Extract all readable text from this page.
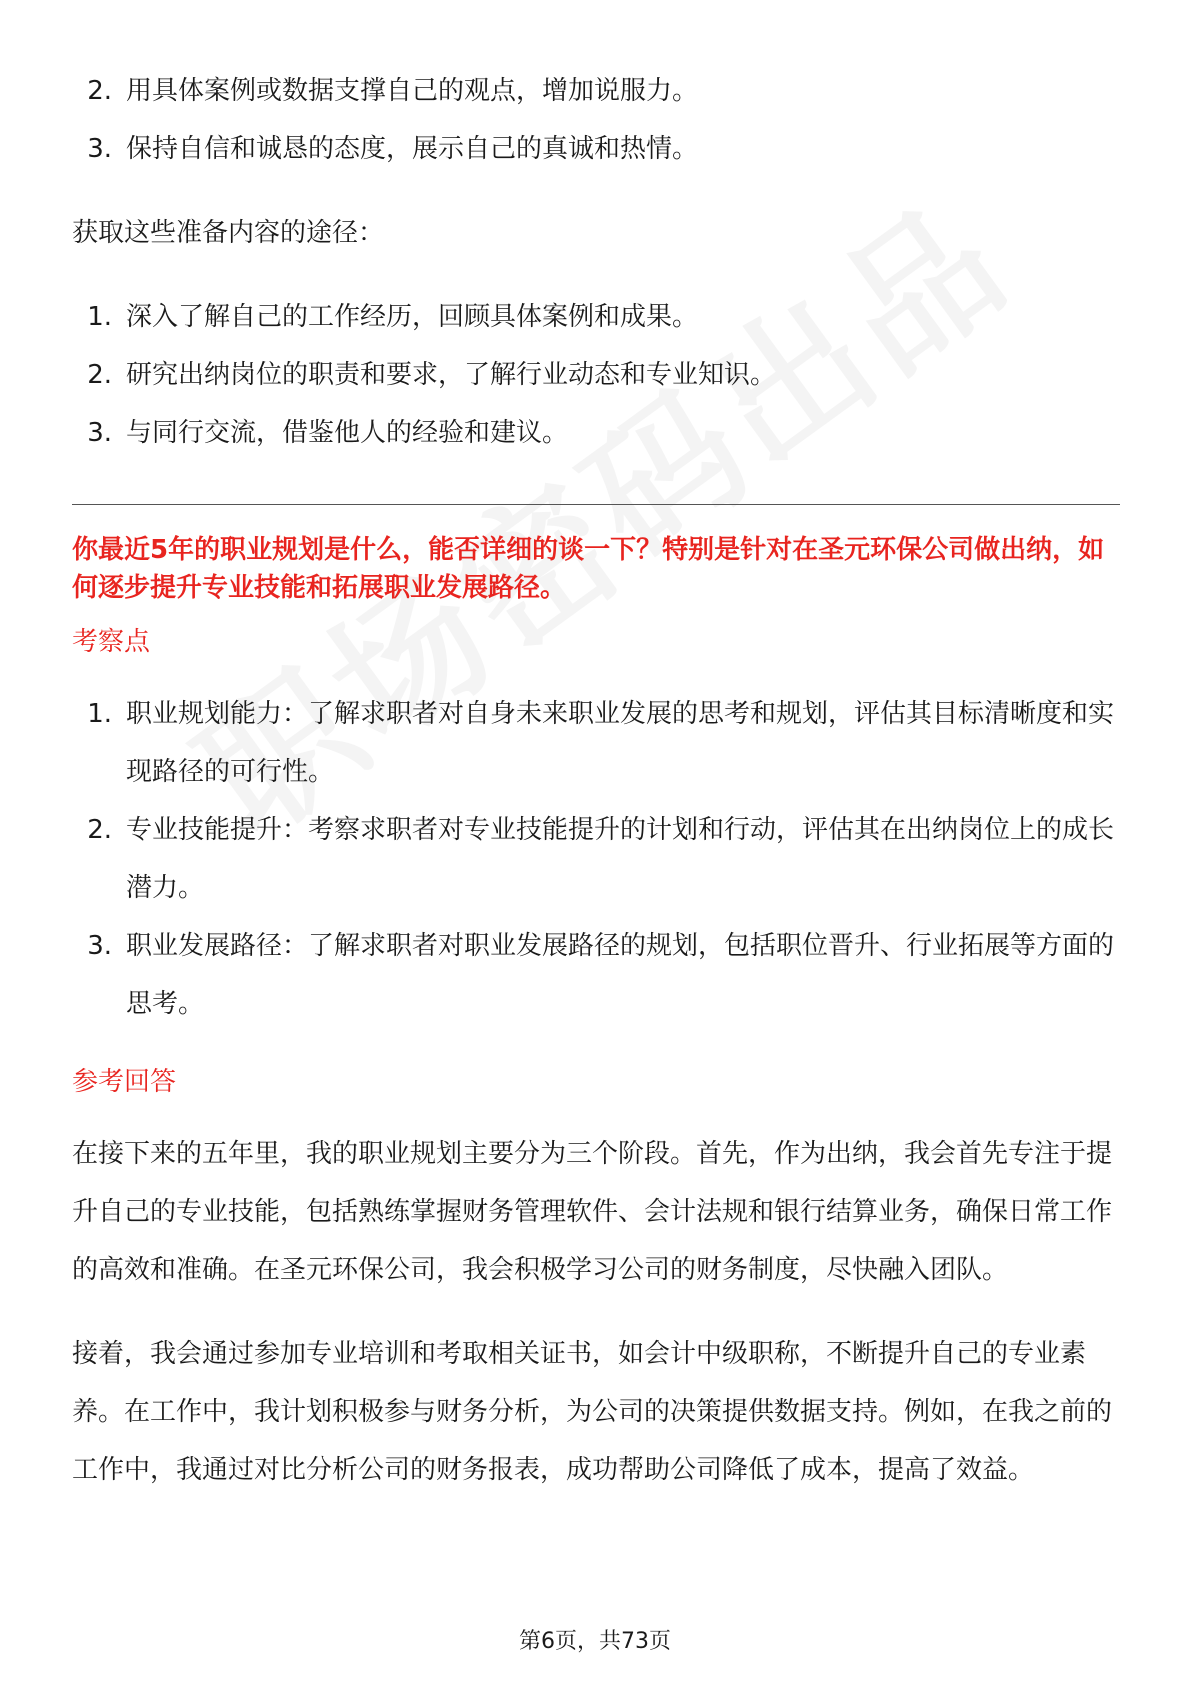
2. 用具体案例或数据支撑自己的观点，增加说服力。
3. 保持自信和诚恳的态度，展示自己的真诚和热情。

获取这些准备内容的途径：

1. 深入了解自己的工作经历，回顾具体案例和成果。
2. 研究出纳岗位的职责和要求，了解行业动态和专业知识。
3. 与同行交流，借鉴他人的经验和建议。
你最近5年的职业规划是什么，能否详细的谈一下？特别是针对在圣元环保公司做出纳，如何逐步提升专业技能和拓展职业发展路径。
考察点
1. 职业规划能力：了解求职者对自身未来职业发展的思考和规划，评估其目标清晰度和实现路径的可行性。
2. 专业技能提升：考察求职者对专业技能提升的计划和行动，评估其在出纳岗位上的成长潜力。
3. 职业发展路径：了解求职者对职业发展路径的规划，包括职位晋升、行业拓展等方面的思考。
参考回答

在接下来的五年里，我的职业规划主要分为三个阶段。首先，作为出纳，我会首先专注于提升自己的专业技能，包括熟练掌握财务管理软件、会计法规和银行结算业务，确保日常工作的高效和准确。在圣元环保公司，我会积极学习公司的财务制度，尽快融入团队。

接着，我会通过参加专业培训和考取相关证书，如会计中级职称，不断提升自己的专业素养。在工作中，我计划积极参与财务分析，为公司的决策提供数据支持。例如，在我之前的工作中，我通过对比分析公司的财务报表，成功帮助公司降低了成本，提高了效益。

第6页，共73页
